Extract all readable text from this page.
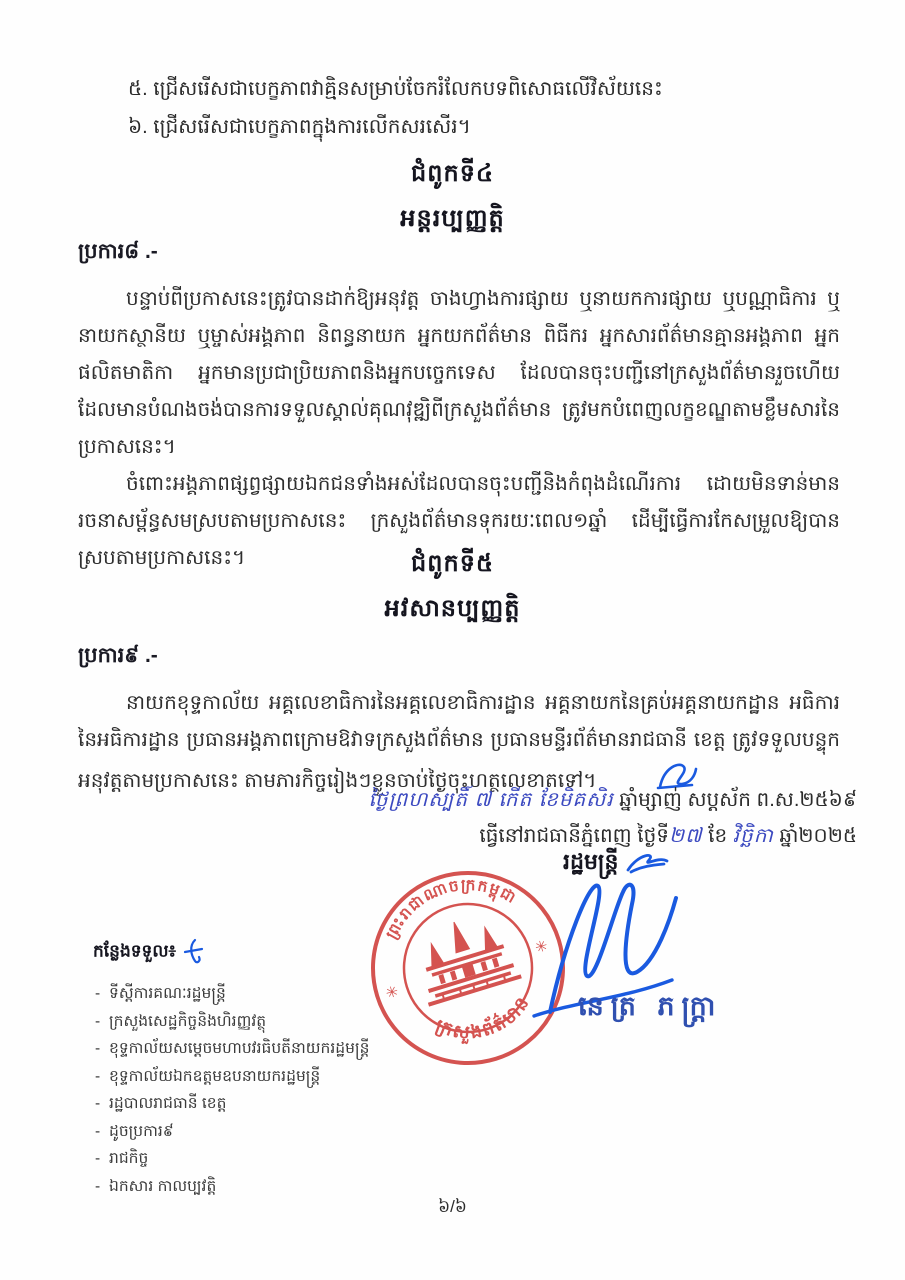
៥. ជ្រើសរើសជាបេក្ខភាពវាគ្មិនសម្រាប់ចែករំលែកបទពិសោធលើវិស័យនេះ
៦. ជ្រើសរើសជាបេក្ខភាពក្នុងការលើកសរសើរ។
ជំពូកទី៤
អន្តរប្បញ្ញត្តិ
ប្រការ៨ .-

បន្ទាប់ពីប្រកាសនេះត្រូវបានដាក់ឱ្យអនុវត្ត ចាងហ្វាងការផ្សាយ ឬនាយកការផ្សាយ ឬបណ្ណាធិការ ឬនាយកស្ថានីយ ឬម្ចាស់អង្គភាព និពន្ធនាយក អ្នកយកព័ត៌មាន ពិធីករ អ្នកសារព័ត៌មានគ្មានអង្គភាព អ្នកផលិតមាតិកា អ្នកមានប្រជាប្រិយភាពនិងអ្នកបច្ចេកទេស ដែលបានចុះបញ្ជីនៅក្រសួងព័ត៌មានរួចហើយ ដែលមានបំណងចង់បានការទទួលស្គាល់គុណវុឌ្ឍិពីក្រសួងព័ត៌មាន ត្រូវមកបំពេញលក្ខខណ្ឌតាមខ្លឹមសារនៃប្រកាសនេះ។

ចំពោះអង្គភាពផ្សព្វផ្សាយឯកជនទាំងអស់ដែលបានចុះបញ្ជីនិងកំពុងដំណើរការ ដោយមិនទាន់មានរចនាសម្ព័ន្ធសមស្របតាមប្រកាសនេះ ក្រសួងព័ត៌មានទុករយៈពេល១ឆ្នាំ ដើម្បីធ្វើការកែសម្រួលឱ្យបានស្របតាមប្រកាសនេះ។	ជំពូកទី៥
អវសានប្បញ្ញត្តិ
ប្រការ៩ .-

នាយកខុទ្ទកាល័យ អគ្គលេខាធិការនៃអគ្គលេខាធិការដ្ឋាន អគ្គនាយកនៃគ្រប់អគ្គនាយកដ្ឋាន អធិការនៃអធិការដ្ឋាន ប្រធានអង្គភាពក្រោមឱវាទក្រសួងព័ត៌មាន ប្រធានមន្ទីរព័ត៌មានរាជធានី ខេត្ត ត្រូវទទួលបន្ទុកអនុវត្តតាមប្រកាសនេះ តាមភារកិច្ចរៀងៗខ្លួនចាប់ថ្ងៃចុះហត្ថលេខាតទៅ។

ថ្ងៃព្រហស្បតិ៍ ៧ កើត ខែមិគសិរ ឆ្នាំម្សាញ់ សប្តស័ក ព.ស.២៥៦៩
ធ្វើនៅរាជធានីភ្នំពេញ ថ្ងៃទី២៧ ខែ វិច្ឆិកា ឆ្នាំ២០២៥
រដ្ឋមន្ត្រី
ព្រះរាជាណាចក្រកម្ពុជា
ក្រសួងព័ត៌មាន
✳
✳
នេត្រ ភក្ត្រា
កន្លែងទទួល៖
- ទីស្តីការគណៈរដ្ឋមន្ត្រី
- ក្រសួងសេដ្ឋកិច្ចនិងហិរញ្ញវត្ថុ
- ខុទ្ទកាល័យសម្តេចមហាបវរធិបតីនាយករដ្ឋមន្ត្រី
- ខុទ្ទកាល័យឯកឧត្តមឧបនាយករដ្ឋមន្ត្រី
- រដ្ឋបាលរាជធានី ខេត្ត
- ដូចប្រការ៩
- រាជកិច្ច
- ឯកសារ កាលប្បវត្តិ
៦/៦
